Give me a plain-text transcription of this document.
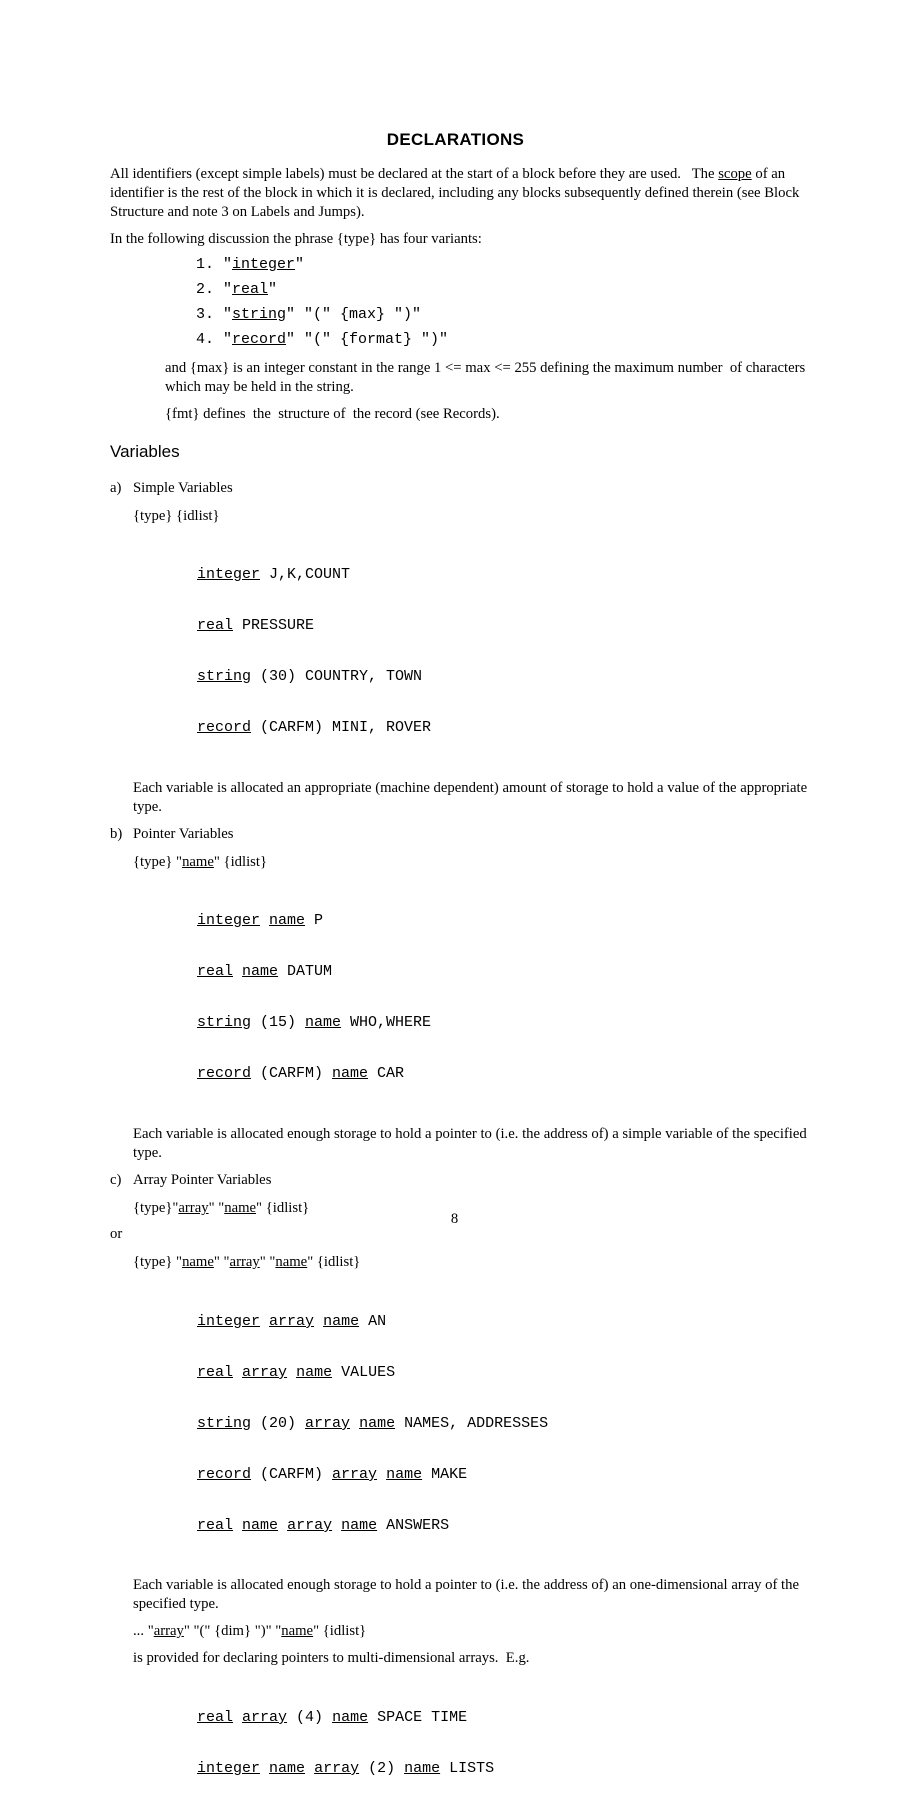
DECLARATIONS

All identifiers (except simple labels) must be declared at the start of a block before they are used.   The scope of an identifier is the rest of the block in which it is declared, including any blocks subsequently defined therein (see Block Structure and note 3 on Labels and Jumps).

In the following discussion the phrase {type} has four variants:

1. "integer"
2. "real"
3. "string" "(" {max} ")"
4. "record" "(" {format} ")"

and {max} is an integer constant in the range 1 <= max <= 255 defining the maximum number  of characters which may be held in the string.

{fmt} defines  the  structure of  the record (see Records).

Variables
a) Simple Variables

{type} {idlist}

integer J,K,COUNT

real PRESSURE

string (30) COUNTRY, TOWN

record (CARFM) MINI, ROVER

Each variable is allocated an appropriate (machine dependent) amount of storage to hold a value of the appropriate type.

b) Pointer Variables

{type} "name" {idlist}

integer name P

real name DATUM

string (15) name WHO,WHERE

record (CARFM) name CAR

Each variable is allocated enough storage to hold a pointer to (i.e. the address of) a simple variable of the specified type.

c) Array Pointer Variables

{type}"array" "name" {idlist}

or

{type} "name" "array" "name" {idlist}

integer array name AN

real array name VALUES

string (20) array name NAMES, ADDRESSES

record (CARFM) array name MAKE

real name array name ANSWERS

Each variable is allocated enough storage to hold a pointer to (i.e. the address of) an one-dimensional array of the specified type.

... "array" "(" {dim} ")" "name" {idlist}

is provided for declaring pointers to multi-dimensional arrays.  E.g.

real array (4) name SPACE TIME

integer name array (2) name LISTS

8
